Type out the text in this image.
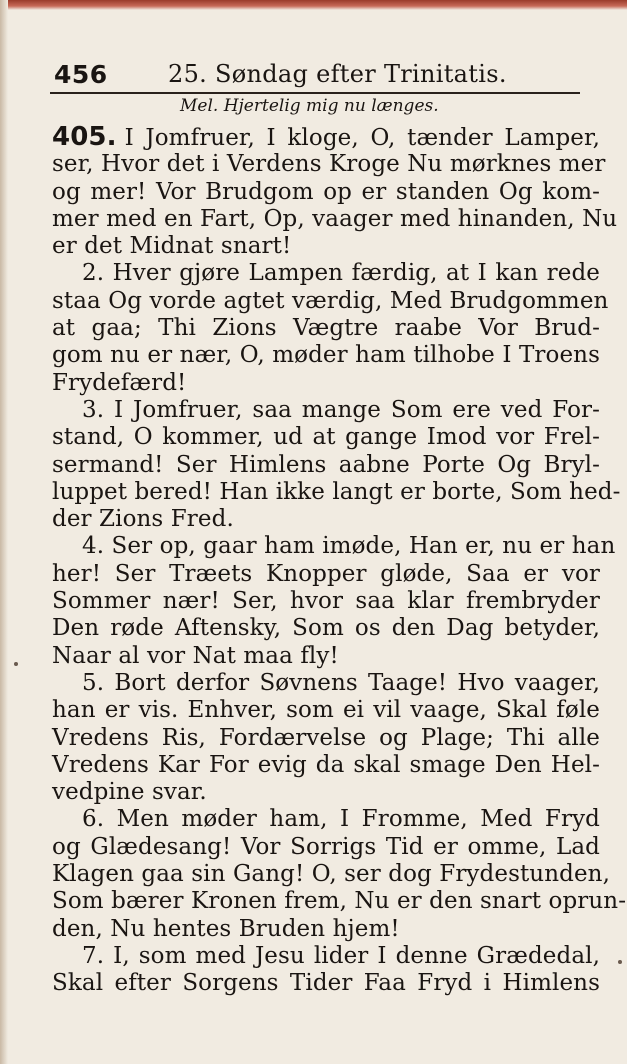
456	25. Søndag efter Trinitatis.
Mel. Hjertelig mig nu længes.
405. I Jomfruer, I kloge, O, tænder Lamper,
ser, Hvor det i Verdens Kroge Nu mørknes mer
og mer! Vor Brudgom op er standen Og kom-
mer med en Fart, Op, vaager med hinanden, Nu
er det Midnat snart!
2. Hver gjøre Lampen færdig, at I kan rede
staa Og vorde agtet værdig, Med Brudgommen
at gaa; Thi Zions Vægtre raabe Vor Brud-
gom nu er nær, O, møder ham tilhobe I Troens
Frydefærd!
3. I Jomfruer, saa mange Som ere ved For-
stand, O kommer, ud at gange Imod vor Frel-
sermand! Ser Himlens aabne Porte Og Bryl-
luppet bered! Han ikke langt er borte, Som hed-
der Zions Fred.
4. Ser op, gaar ham imøde, Han er, nu er han
her! Ser Træets Knopper gløde, Saa er vor
Sommer nær! Ser, hvor saa klar frembryder
Den røde Aftensky, Som os den Dag betyder,
Naar al vor Nat maa fly!
5. Bort derfor Søvnens Taage! Hvo vaager,
han er vis. Enhver, som ei vil vaage, Skal føle
Vredens Ris, Fordærvelse og Plage; Thi alle
Vredens Kar For evig da skal smage Den Hel-
vedpine svar.
6. Men møder ham, I Fromme, Med Fryd
og Glædesang! Vor Sorrigs Tid er omme, Lad
Klagen gaa sin Gang! O, ser dog Frydestunden,
Som bærer Kronen frem, Nu er den snart oprun-
den, Nu hentes Bruden hjem!
7. I, som med Jesu lider I denne Grædedal,
Skal efter Sorgens Tider Faa Fryd i Himlens
